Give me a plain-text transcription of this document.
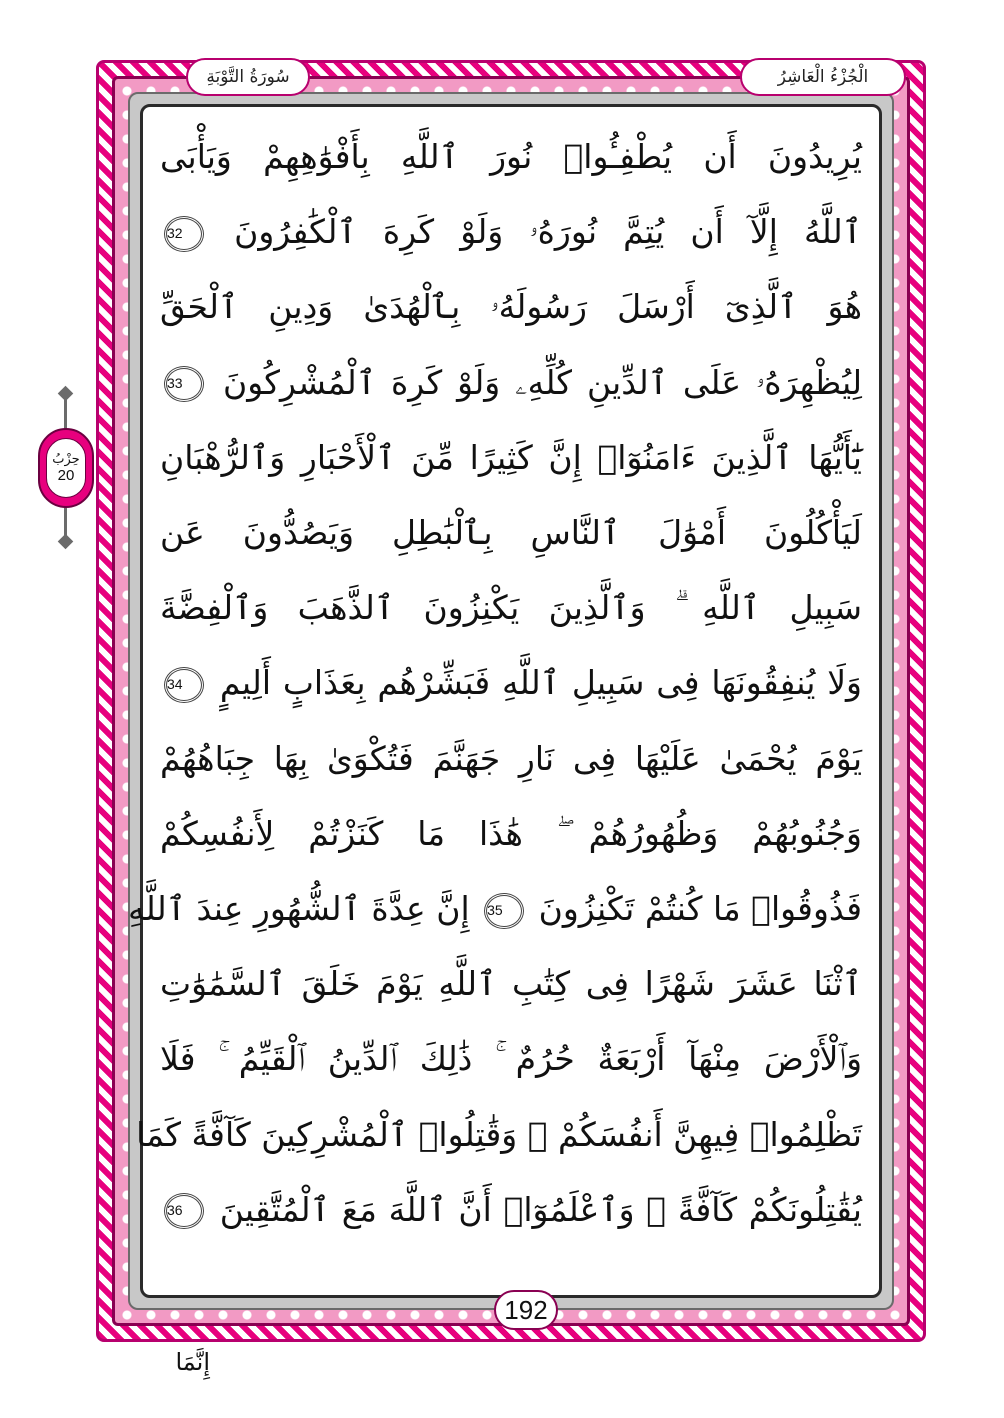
الْجُزْءُ الْعَاشِرُ
سُورَةُ التَّوْبَةِ
حِزْبُ
20
يُرِيدُونَ أَن يُطْفِـُٔوا۟ نُورَ ٱللَّهِ بِأَفْوَٰهِهِمْ وَيَأْبَى
ٱللَّهُ إِلَّآ أَن يُتِمَّ نُورَهُۥ وَلَوْ كَرِهَ ٱلْكَٰفِرُونَ 32
هُوَ ٱلَّذِىٓ أَرْسَلَ رَسُولَهُۥ بِٱلْهُدَىٰ وَدِينِ ٱلْحَقِّ
لِيُظْهِرَهُۥ عَلَى ٱلدِّينِ كُلِّهِۦ وَلَوْ كَرِهَ ٱلْمُشْرِكُونَ 33
يَٰٓأَيُّهَا ٱلَّذِينَ ءَامَنُوٓا۟ إِنَّ كَثِيرًا مِّنَ ٱلْأَحْبَارِ وَٱلرُّهْبَانِ
لَيَأْكُلُونَ أَمْوَٰلَ ٱلنَّاسِ بِٱلْبَٰطِلِ وَيَصُدُّونَ عَن
سَبِيلِ ٱللَّهِ ۗ وَٱلَّذِينَ يَكْنِزُونَ ٱلذَّهَبَ وَٱلْفِضَّةَ
وَلَا يُنفِقُونَهَا فِى سَبِيلِ ٱللَّهِ فَبَشِّرْهُم بِعَذَابٍ أَلِيمٍ 34
يَوْمَ يُحْمَىٰ عَلَيْهَا فِى نَارِ جَهَنَّمَ فَتُكْوَىٰ بِهَا جِبَاهُهُمْ
وَجُنُوبُهُمْ وَظُهُورُهُمْ ۖ هَٰذَا مَا كَنَزْتُمْ لِأَنفُسِكُمْ
فَذُوقُوا۟ مَا كُنتُمْ تَكْنِزُونَ 35 إِنَّ عِدَّةَ ٱلشُّهُورِ عِندَ ٱللَّهِ
ٱثْنَا عَشَرَ شَهْرًا فِى كِتَٰبِ ٱللَّهِ يَوْمَ خَلَقَ ٱلسَّمَٰوَٰتِ
وَٱلْأَرْضَ مِنْهَآ أَرْبَعَةٌ حُرُمٌ ۚ ذَٰلِكَ ٱلدِّينُ ٱلْقَيِّمُ ۚ فَلَا
تَظْلِمُوا۟ فِيهِنَّ أَنفُسَكُمْ ۚ وَقَٰتِلُوا۟ ٱلْمُشْرِكِينَ كَآفَّةً كَمَا
يُقَٰتِلُونَكُمْ كَآفَّةً ۚ وَٱعْلَمُوٓا۟ أَنَّ ٱللَّهَ مَعَ ٱلْمُتَّقِينَ 36
192
إِنَّمَا
